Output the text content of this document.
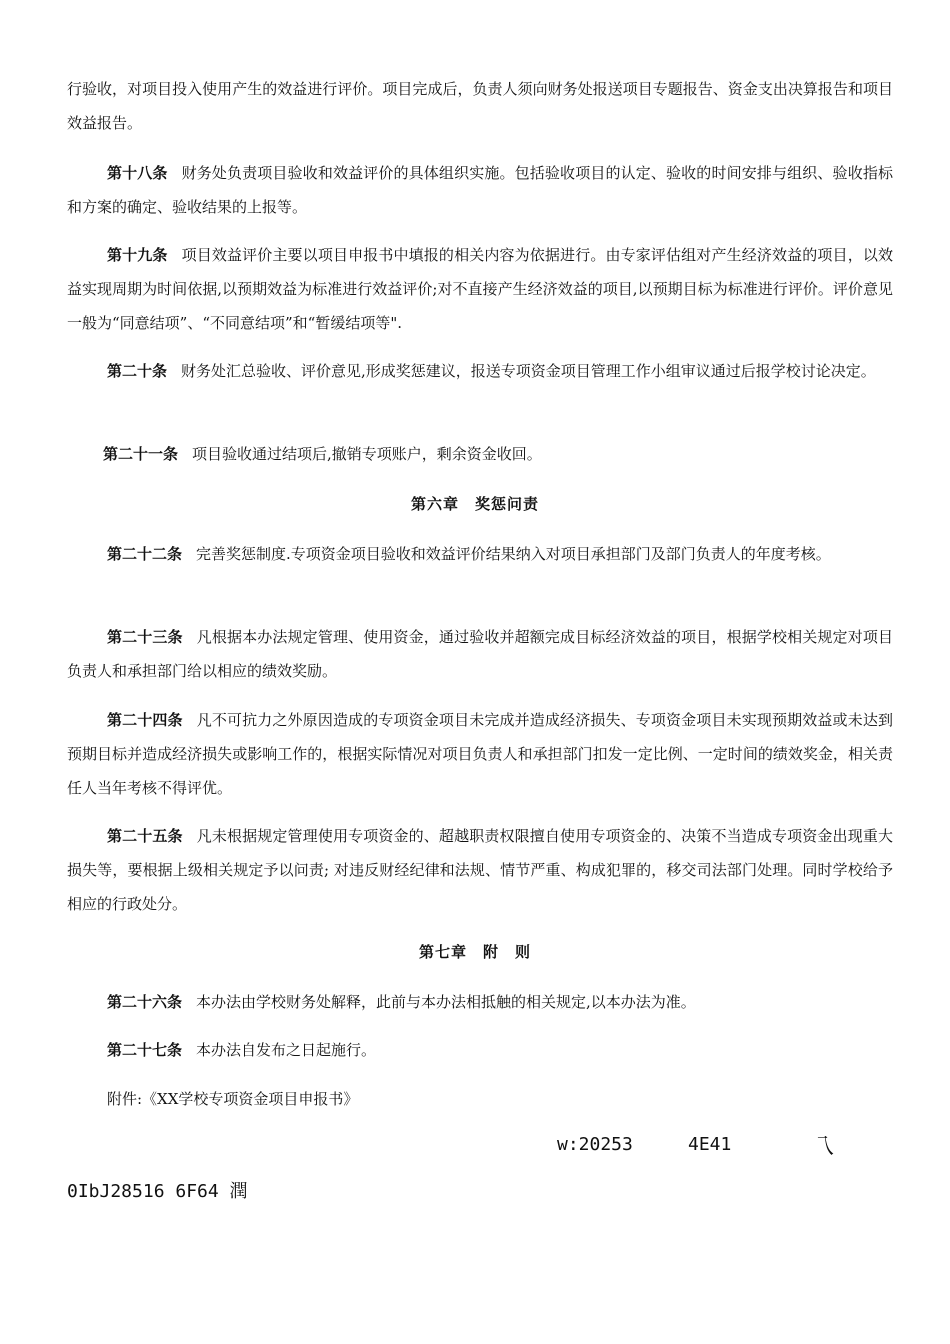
行验收，对项目投入使用产生的效益进行评价。项目完成后，负责人须向财务处报送项目专题报告、资金支出决算报告和项目效益报告。

第十八条 财务处负责项目验收和效益评价的具体组织实施。包括验收项目的认定、验收的时间安排与组织、验收指标和方案的确定、验收结果的上报等。

第十九条 项目效益评价主要以项目申报书中填报的相关内容为依据进行。由专家评估组对产生经济效益的项目，以效益实现周期为时间依据,以预期效益为标准进行效益评价;对不直接产生经济效益的项目,以预期目标为标准进行评价。评价意见一般为“同意结项”、“不同意结项”和“暂缓结项等".

第二十条 财务处汇总验收、评价意见,形成奖惩建议，报送专项资金项目管理工作小组审议通过后报学校讨论决定。

第二十一条 项目验收通过结项后,撤销专项账户，剩余资金收回。

第六章 奖惩问责

第二十二条 完善奖惩制度.专项资金项目验收和效益评价结果纳入对项目承担部门及部门负责人的年度考核。

第二十三条 凡根据本办法规定管理、使用资金，通过验收并超额完成目标经济效益的项目，根据学校相关规定对项目负责人和承担部门给以相应的绩效奖励。

第二十四条 凡不可抗力之外原因造成的专项资金项目未完成并造成经济损失、专项资金项目未实现预期效益或未达到预期目标并造成经济损失或影响工作的，根据实际情况对项目负责人和承担部门扣发一定比例、一定时间的绩效奖金，相关责任人当年考核不得评优。

第二十五条 凡未根据规定管理使用专项资金的、超越职责权限擅自使用专项资金的、决策不当造成专项资金出现重大损失等，要根据上级相关规定予以问责; 对违反财经纪律和法规、情节严重、构成犯罪的，移交司法部门处理。同时学校给予相应的行政处分。

第七章 附　则

第二十六条 本办法由学校财务处解释，此前与本办法相抵触的相关规定,以本办法为准。

第二十七条 本办法自发布之日起施行。

附件:《XX学校专项资金项目申报书》

w:20253	4E41	乁
0IbJ28516 6F64 潤
